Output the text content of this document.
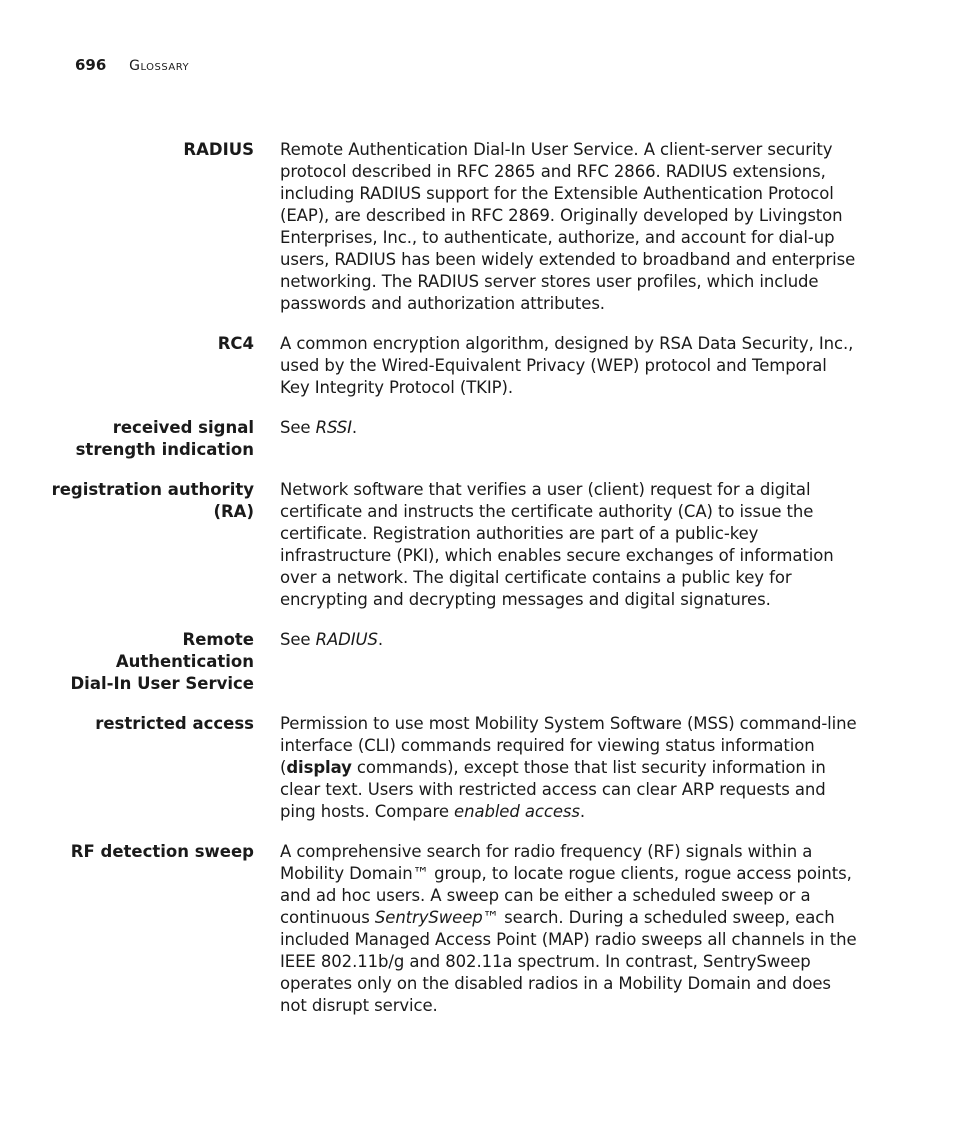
696 Glossary
RADIUS Remote Authentication Dial-In User Service. A client-server security protocol described in RFC 2865 and RFC 2866. RADIUS extensions, including RADIUS support for the Extensible Authentication Protocol (EAP), are described in RFC 2869. Originally developed by Livingston Enterprises, Inc., to authenticate, authorize, and account for dial-up users, RADIUS has been widely extended to broadband and enterprise networking. The RADIUS server stores user profiles, which include passwords and authorization attributes.
RC4 A common encryption algorithm, designed by RSA Data Security, Inc., used by the Wired-Equivalent Privacy (WEP) protocol and Temporal Key Integrity Protocol (TKIP).
received signal
strength indication
See RSSI.
registration authority
(RA)
Network software that verifies a user (client) request for a digital certificate and instructs the certificate authority (CA) to issue the certificate. Registration authorities are part of a public-key infrastructure (PKI), which enables secure exchanges of information over a network. The digital certificate contains a public key for encrypting and decrypting messages and digital signatures.
Remote
Authentication
Dial-In User Service
See RADIUS.
restricted access Permission to use most Mobility System Software (MSS) command-line interface (CLI) commands required for viewing status information (display commands), except those that list security information in clear text. Users with restricted access can clear ARP requests and ping hosts. Compare enabled access.
RF detection sweep A comprehensive search for radio frequency (RF) signals within a Mobility Domain™ group, to locate rogue clients, rogue access points, and ad hoc users. A sweep can be either a scheduled sweep or a continuous SentrySweep™ search. During a scheduled sweep, each included Managed Access Point (MAP) radio sweeps all channels in the IEEE 802.11b/g and 802.11a spectrum. In contrast, SentrySweep operates only on the disabled radios in a Mobility Domain and does not disrupt service.
